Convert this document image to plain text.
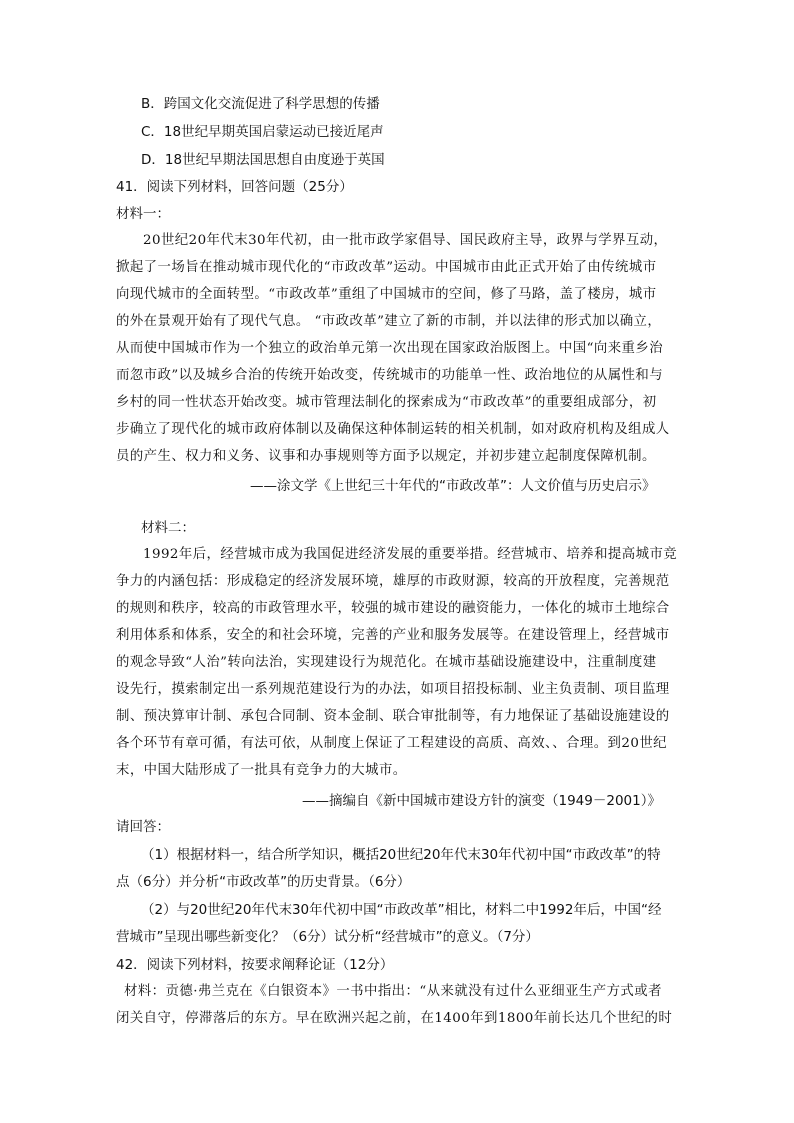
B．跨国文化交流促进了科学思想的传播
C．18世纪早期英国启蒙运动已接近尾声
D．18世纪早期法国思想自由度逊于英国
41．阅读下列材料，回答问题（25分）
材料一：
20世纪20年代末30年代初，由一批市政学家倡导、国民政府主导，政界与学界互动，
掀起了一场旨在推动城市现代化的“市政改革”运动。中国城市由此正式开始了由传统城市
向现代城市的全面转型。“市政改革”重组了中国城市的空间，修了马路，盖了楼房，城市
的外在景观开始有了现代气息。 “市政改革”建立了新的市制，并以法律的形式加以确立，
从而使中国城市作为一个独立的政治单元第一次出现在国家政治版图上。中国“向来重乡治
而忽市政”以及城乡合治的传统开始改变，传统城市的功能单一性、政治地位的从属性和与
乡村的同一性状态开始改变。城市管理法制化的探索成为“市政改革”的重要组成部分，初
步确立了现代化的城市政府体制以及确保这种体制运转的相关机制，如对政府机构及组成人
员的产生、权力和义务、议事和办事规则等方面予以规定，并初步建立起制度保障机制。
——涂文学《上世纪三十年代的“市政改革”：人文价值与历史启示》
材料二：
1992年后，经营城市成为我国促进经济发展的重要举措。经营城市、培养和提高城市竞
争力的内涵包括：形成稳定的经济发展环境，雄厚的市政财源，较高的开放程度，完善规范
的规则和秩序，较高的市政管理水平，较强的城市建设的融资能力，一体化的城市土地综合
利用体系和体系，安全的和社会环境，完善的产业和服务发展等。在建设管理上，经营城市
的观念导致“人治”转向法治，实现建设行为规范化。在城市基础设施建设中，注重制度建
设先行，摸索制定出一系列规范建设行为的办法，如项目招投标制、业主负责制、项目监理
制、预决算审计制、承包合同制、资本金制、联合审批制等，有力地保证了基础设施建设的
各个环节有章可循，有法可依，从制度上保证了工程建设的高质、高效、、合理。到20世纪
末，中国大陆形成了一批具有竞争力的大城市。
——摘编自《新中国城市建设方针的演变（1949－2001）》
请回答：
（1）根据材料一，结合所学知识，概括20世纪20年代末30年代初中国“市政改革”的特
点（6分）并分析“市政改革”的历史背景。（6分）
（2）与20世纪20年代末30年代初中国“市政改革”相比，材料二中1992年后，中国“经
营城市”呈现出哪些新变化？（6分）试分析“经营城市”的意义。（7分）
42．阅读下列材料，按要求阐释论证（12分）
材料：贡德·弗兰克在《白银资本》一书中指出：“从来就没有过什么亚细亚生产方式或者
闭关自守，停滞落后的东方。早在欧洲兴起之前，在1400年到1800年前长达几个世纪的时
